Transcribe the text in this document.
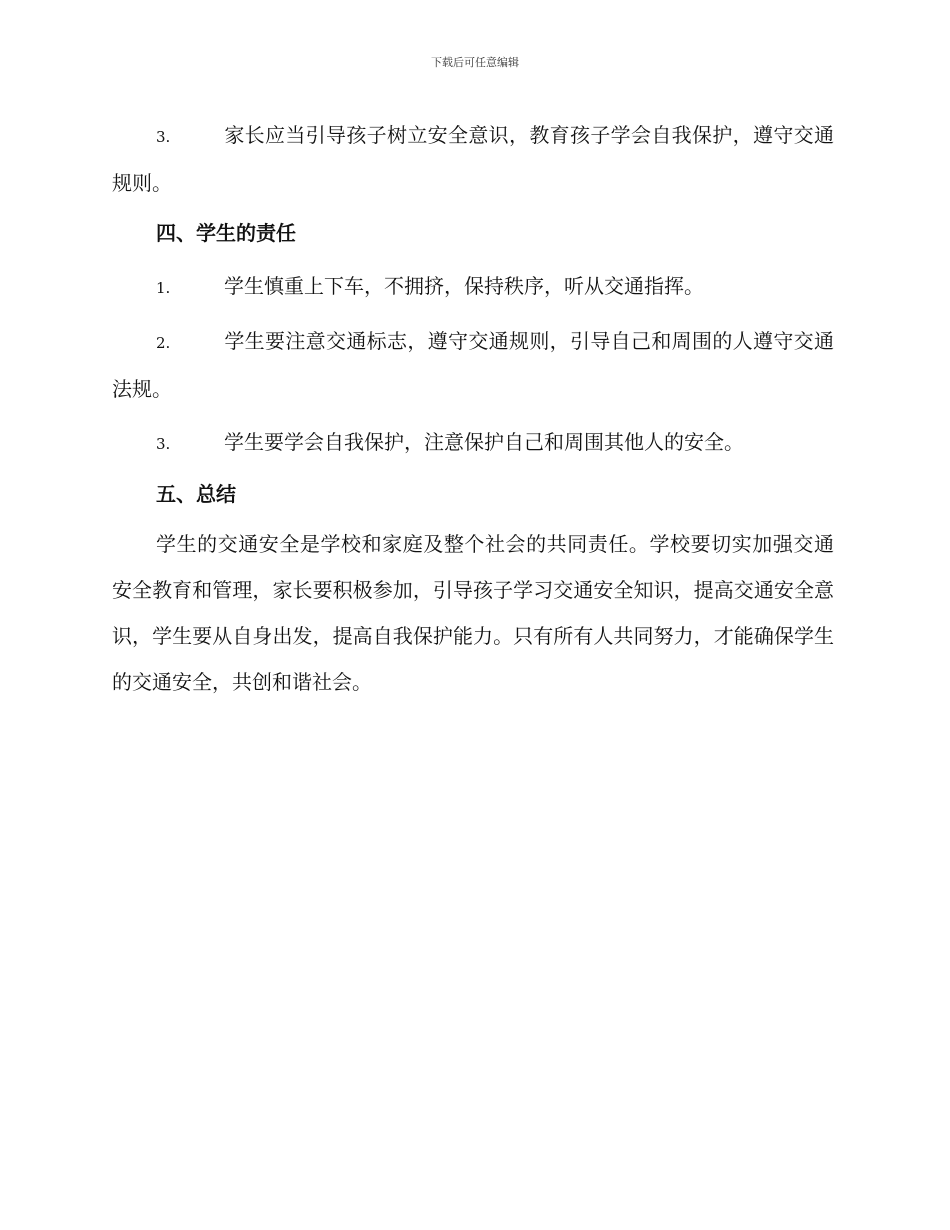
下载后可任意编辑

3.	家长应当引导孩子树立安全意识，教育孩子学会自我保护，遵守交通规则。

四、学生的责任

1.	学生慎重上下车，不拥挤，保持秩序，听从交通指挥。

2.	学生要注意交通标志，遵守交通规则，引导自己和周围的人遵守交通法规。

3.	学生要学会自我保护，注意保护自己和周围其他人的安全。

五、总结

学生的交通安全是学校和家庭及整个社会的共同责任。学校要切实加强交通安全教育和管理，家长要积极参加，引导孩子学习交通安全知识，提高交通安全意识，学生要从自身出发，提高自我保护能力。只有所有人共同努力，才能确保学生的交通安全，共创和谐社会。
